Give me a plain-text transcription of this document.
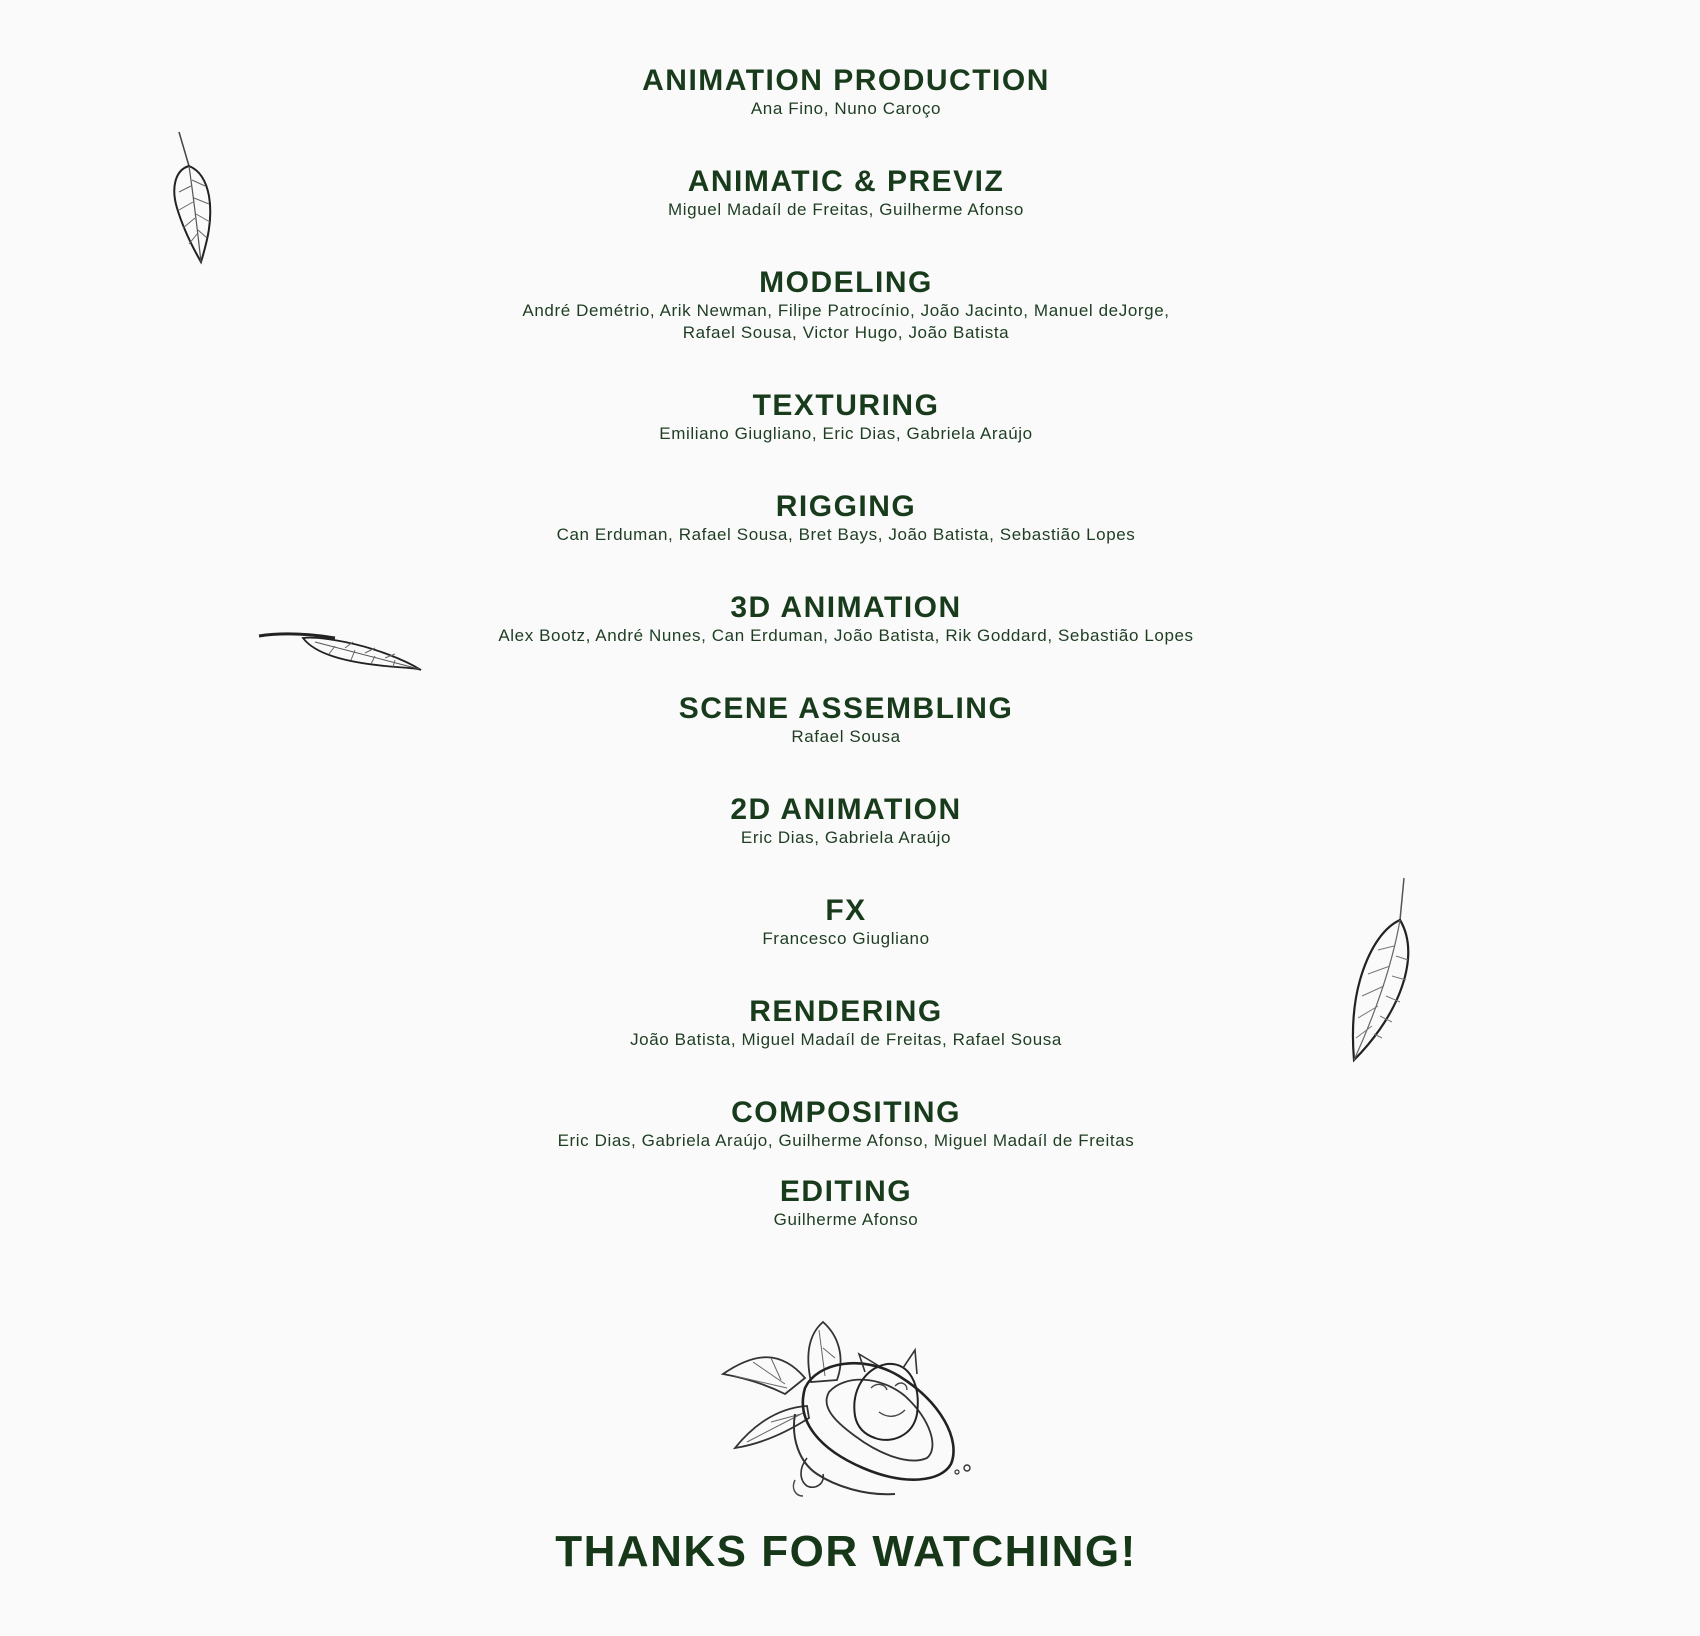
ANIMATION PRODUCTION
Ana Fino, Nuno Caroço
ANIMATIC & PREVIZ
Miguel Madaíl de Freitas, Guilherme Afonso
MODELING
André Demétrio, Arik Newman, Filipe Patrocínio, João Jacinto, Manuel deJorge,
Rafael Sousa, Victor Hugo, João Batista
TEXTURING
Emiliano Giugliano, Eric Dias, Gabriela Araújo
RIGGING
Can Erduman, Rafael Sousa, Bret Bays, João Batista, Sebastião Lopes
3D ANIMATION
Alex Bootz, André Nunes, Can Erduman, João Batista, Rik Goddard, Sebastião Lopes
SCENE ASSEMBLING
Rafael Sousa
2D ANIMATION
Eric Dias, Gabriela Araújo
FX
Francesco Giugliano
RENDERING
João Batista, Miguel Madaíl de Freitas, Rafael Sousa
COMPOSITING
Eric Dias, Gabriela Araújo, Guilherme Afonso, Miguel Madaíl de Freitas
EDITING
Guilherme Afonso
THANKS FOR WATCHING!
